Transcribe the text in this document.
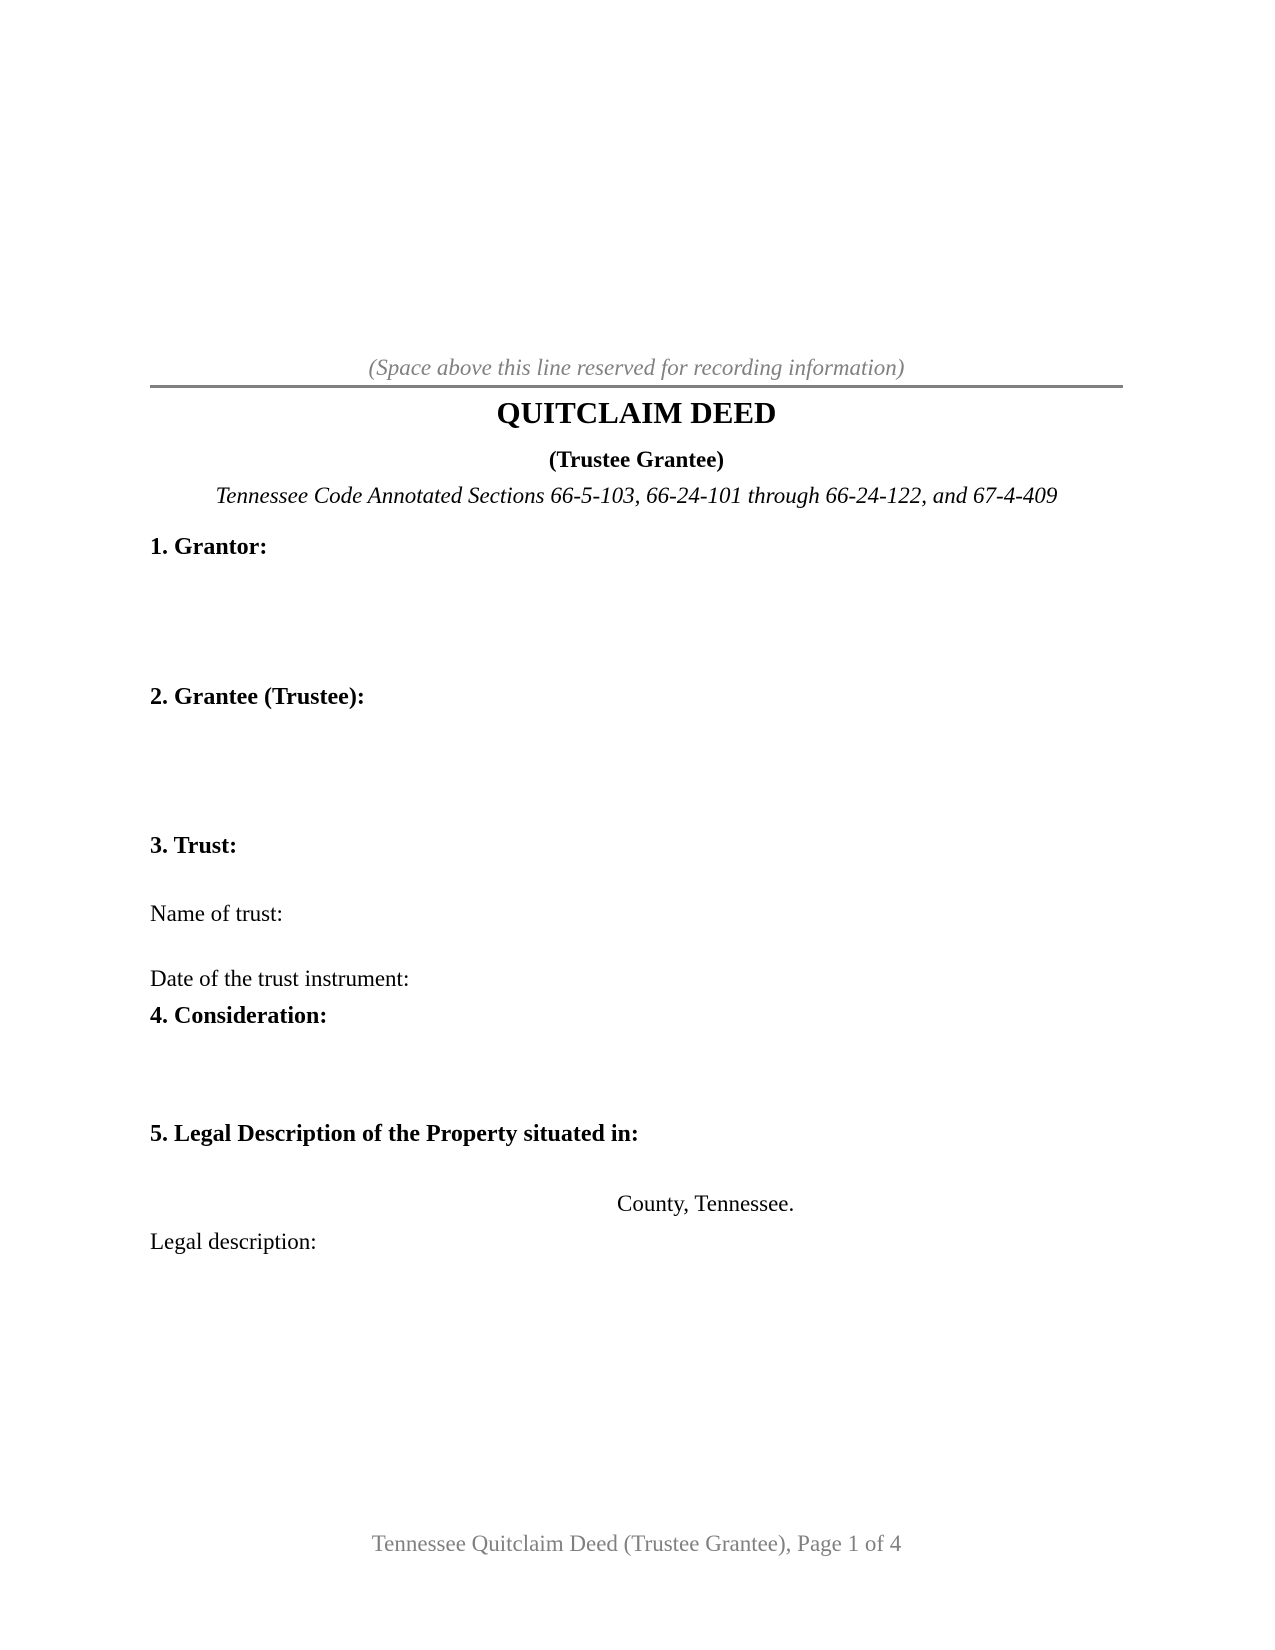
(Space above this line reserved for recording information)
QUITCLAIM DEED
(Trustee Grantee)
Tennessee Code Annotated Sections 66-5-103, 66-24-101 through 66-24-122, and 67-4-409
1. Grantor:
2. Grantee (Trustee):
3. Trust:
Name of trust:
Date of the trust instrument:
4. Consideration:
5. Legal Description of the Property situated in:
County, Tennessee.
Legal description:
Tennessee Quitclaim Deed (Trustee Grantee), Page 1 of 4
